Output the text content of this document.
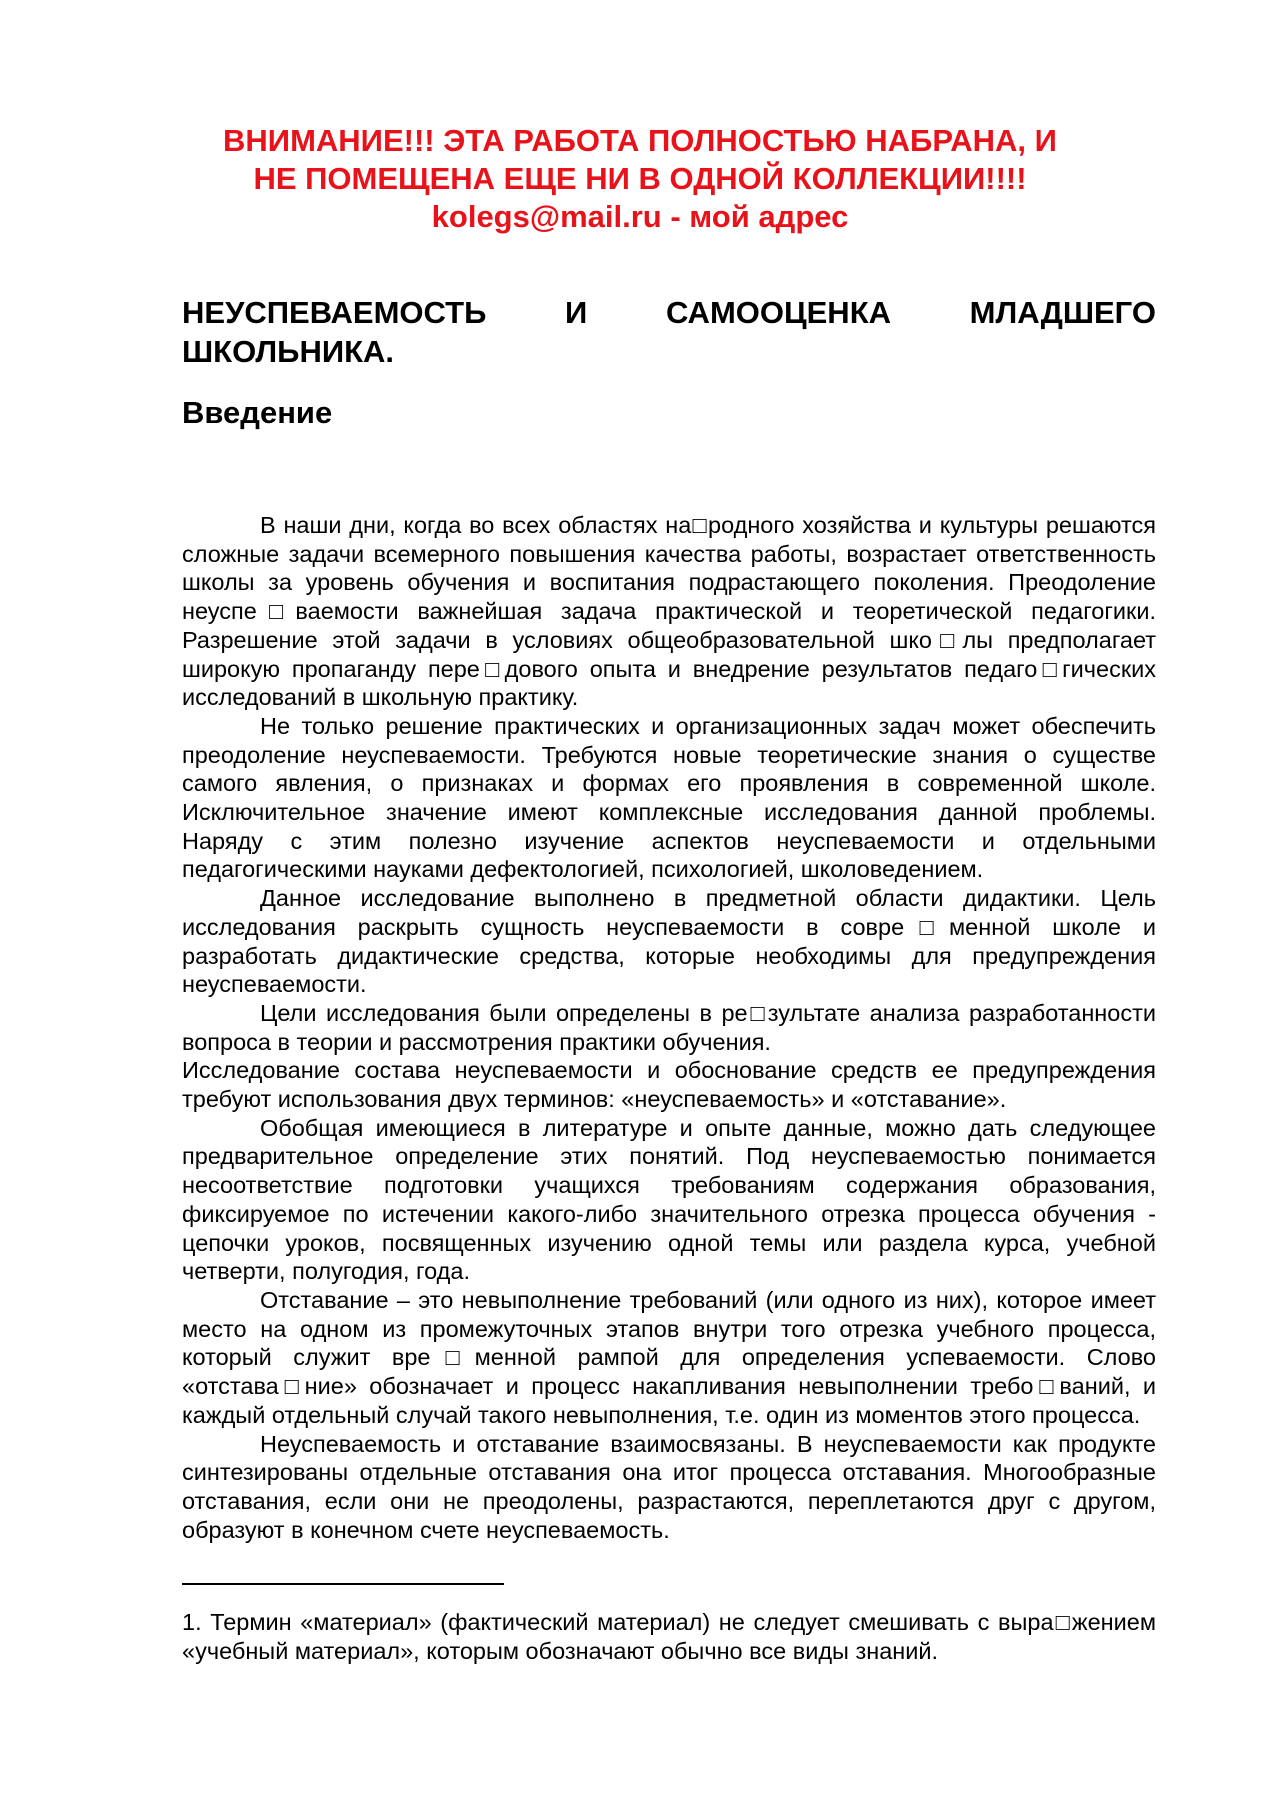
ВНИМАНИЕ!!! ЭТА РАБОТА ПОЛНОСТЬЮ НАБРАНА, И
НЕ ПОМЕЩЕНА ЕЩЕ НИ В ОДНОЙ КОЛЛЕКЦИИ!!!!
kolegs@mail.ru - мой адрес
НЕУСПЕВАЕМОСТЬ	И	САМООЦЕНКА	МЛАДШЕГО
ШКОЛЬНИКА.
Введение

В наши дни, когда во всех областях на□родного хозяйства и культуры решаются сложные задачи всемерного повышения качества работы, возрастает ответственность школы за уровень обучения и воспитания подрастающего поколения. Преодоление неуспе□ваемости важнейшая задача практической и теоретической педагогики. Разрешение этой задачи в условиях общеобразовательной шко□лы предполагает широкую пропаганду пере□дового опыта и внедрение результатов педаго□гических исследований в школьную практику.

Не только решение практических и организационных задач может обеспечить преодоление неуспеваемости. Требуются новые теоретические знания о существе самого явления, о признаках и формах его проявления в современной школе. Исключительное значение имеют комплексные исследования данной проблемы. Наряду с этим полезно изучение аспектов неуспеваемости и отдельными педагогическими науками дефектологией, психологией, школоведением.

Данное исследование выполнено в предметной области дидактики. Цель исследования раскрыть сущность неуспеваемости в совре□менной школе и разработать дидактические средства, которые необходимы для предупреждения неуспеваемости.

Цели исследования были определены в ре□зультате анализа разработанности вопроса в теории и рассмотрения практики обучения.

Исследование состава неуспеваемости и обоснование средств ее предупреждения требуют использования двух терминов: «неуспеваемость» и «отставание».

Обобщая имеющиеся в литературе и опыте данные, можно дать следующее предварительное определение этих понятий. Под неуспеваемостью понимается несоответствие подготовки учащихся требованиям содержания образования, фиксируемое по истечении какого-либо значительного отрезка процесса обучения - цепочки уроков, посвященных изучению одной темы или раздела курса, учебной четверти, полугодия, года.

Отставание – это невыполнение требований (или одного из них), которое имеет место на одном из промежуточных этапов внутри того отрезка учебного процесса, который служит вре□менной рампой для определения успеваемости. Слово «отстава□ние» обозначает и процесс накапливания невыполнении требо□ваний, и каждый отдельный случай такого невыполнения, т.е. один из моментов этого процесса.

Неуспеваемость и отставание взаимосвязаны. В неуспеваемости как продукте синтезированы отдельные отставания она итог процесса отставания. Многообразные отставания, если они не преодолены, разрастаются, переплетаются друг с другом, образуют в конечном счете неуспеваемость.

1. Термин «материал» (фактический материал) не следует смешивать с выра□жением «учебный материал», которым обозначают обычно все виды знаний.
